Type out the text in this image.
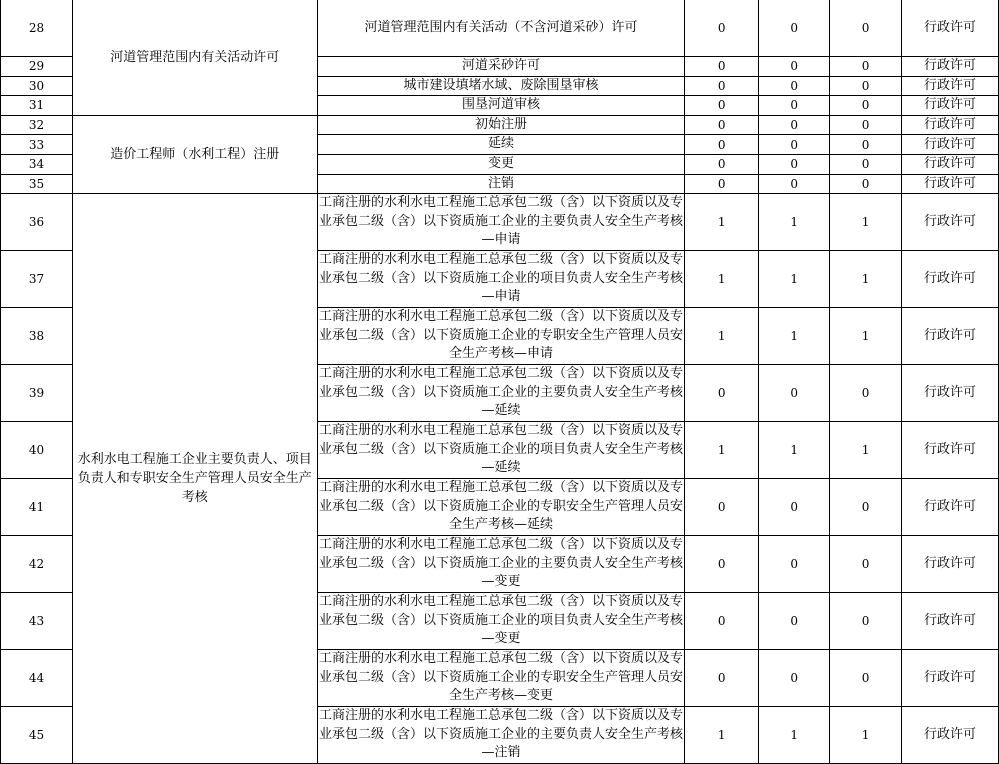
28	河道管理范围内有关活动许可	河道管理范围内有关活动（不含河道采砂）许可	0	0	0	行政许可
29		河道采砂许可	0	0	0	行政许可
30		城市建设填堵水域、废除围垦审核	0	0	0	行政许可
31		围垦河道审核	0	0	0	行政许可
32	造价工程师（水利工程）注册	初始注册	0	0	0	行政许可
33		延续	0	0	0	行政许可
34		变更	0	0	0	行政许可
35		注销	0	0	0	行政许可
36	水利水电工程施工企业主要负责人、项目负责人和专职安全生产管理人员安全生产考核	工商注册的水利水电工程施工总承包二级（含）以下资质以及专业承包二级（含）以下资质施工企业的主要负责人安全生产考核—申请	1	1	1	行政许可
37		工商注册的水利水电工程施工总承包二级（含）以下资质以及专业承包二级（含）以下资质施工企业的项目负责人安全生产考核—申请	1	1	1	行政许可
38		工商注册的水利水电工程施工总承包二级（含）以下资质以及专业承包二级（含）以下资质施工企业的专职安全生产管理人员安全生产考核—申请	1	1	1	行政许可
39		工商注册的水利水电工程施工总承包二级（含）以下资质以及专业承包二级（含）以下资质施工企业的主要负责人安全生产考核—延续	0	0	0	行政许可
40		工商注册的水利水电工程施工总承包二级（含）以下资质以及专业承包二级（含）以下资质施工企业的项目负责人安全生产考核—延续	1	1	1	行政许可
41		工商注册的水利水电工程施工总承包二级（含）以下资质以及专业承包二级（含）以下资质施工企业的专职安全生产管理人员安全生产考核—延续	0	0	0	行政许可
42		工商注册的水利水电工程施工总承包二级（含）以下资质以及专业承包二级（含）以下资质施工企业的主要负责人安全生产考核—变更	0	0	0	行政许可
43		工商注册的水利水电工程施工总承包二级（含）以下资质以及专业承包二级（含）以下资质施工企业的项目负责人安全生产考核—变更	0	0	0	行政许可
44		工商注册的水利水电工程施工总承包二级（含）以下资质以及专业承包二级（含）以下资质施工企业的专职安全生产管理人员安全生产考核—变更	0	0	0	行政许可
45		工商注册的水利水电工程施工总承包二级（含）以下资质以及专业承包二级（含）以下资质施工企业的主要负责人安全生产考核—注销	1	1	1	行政许可
